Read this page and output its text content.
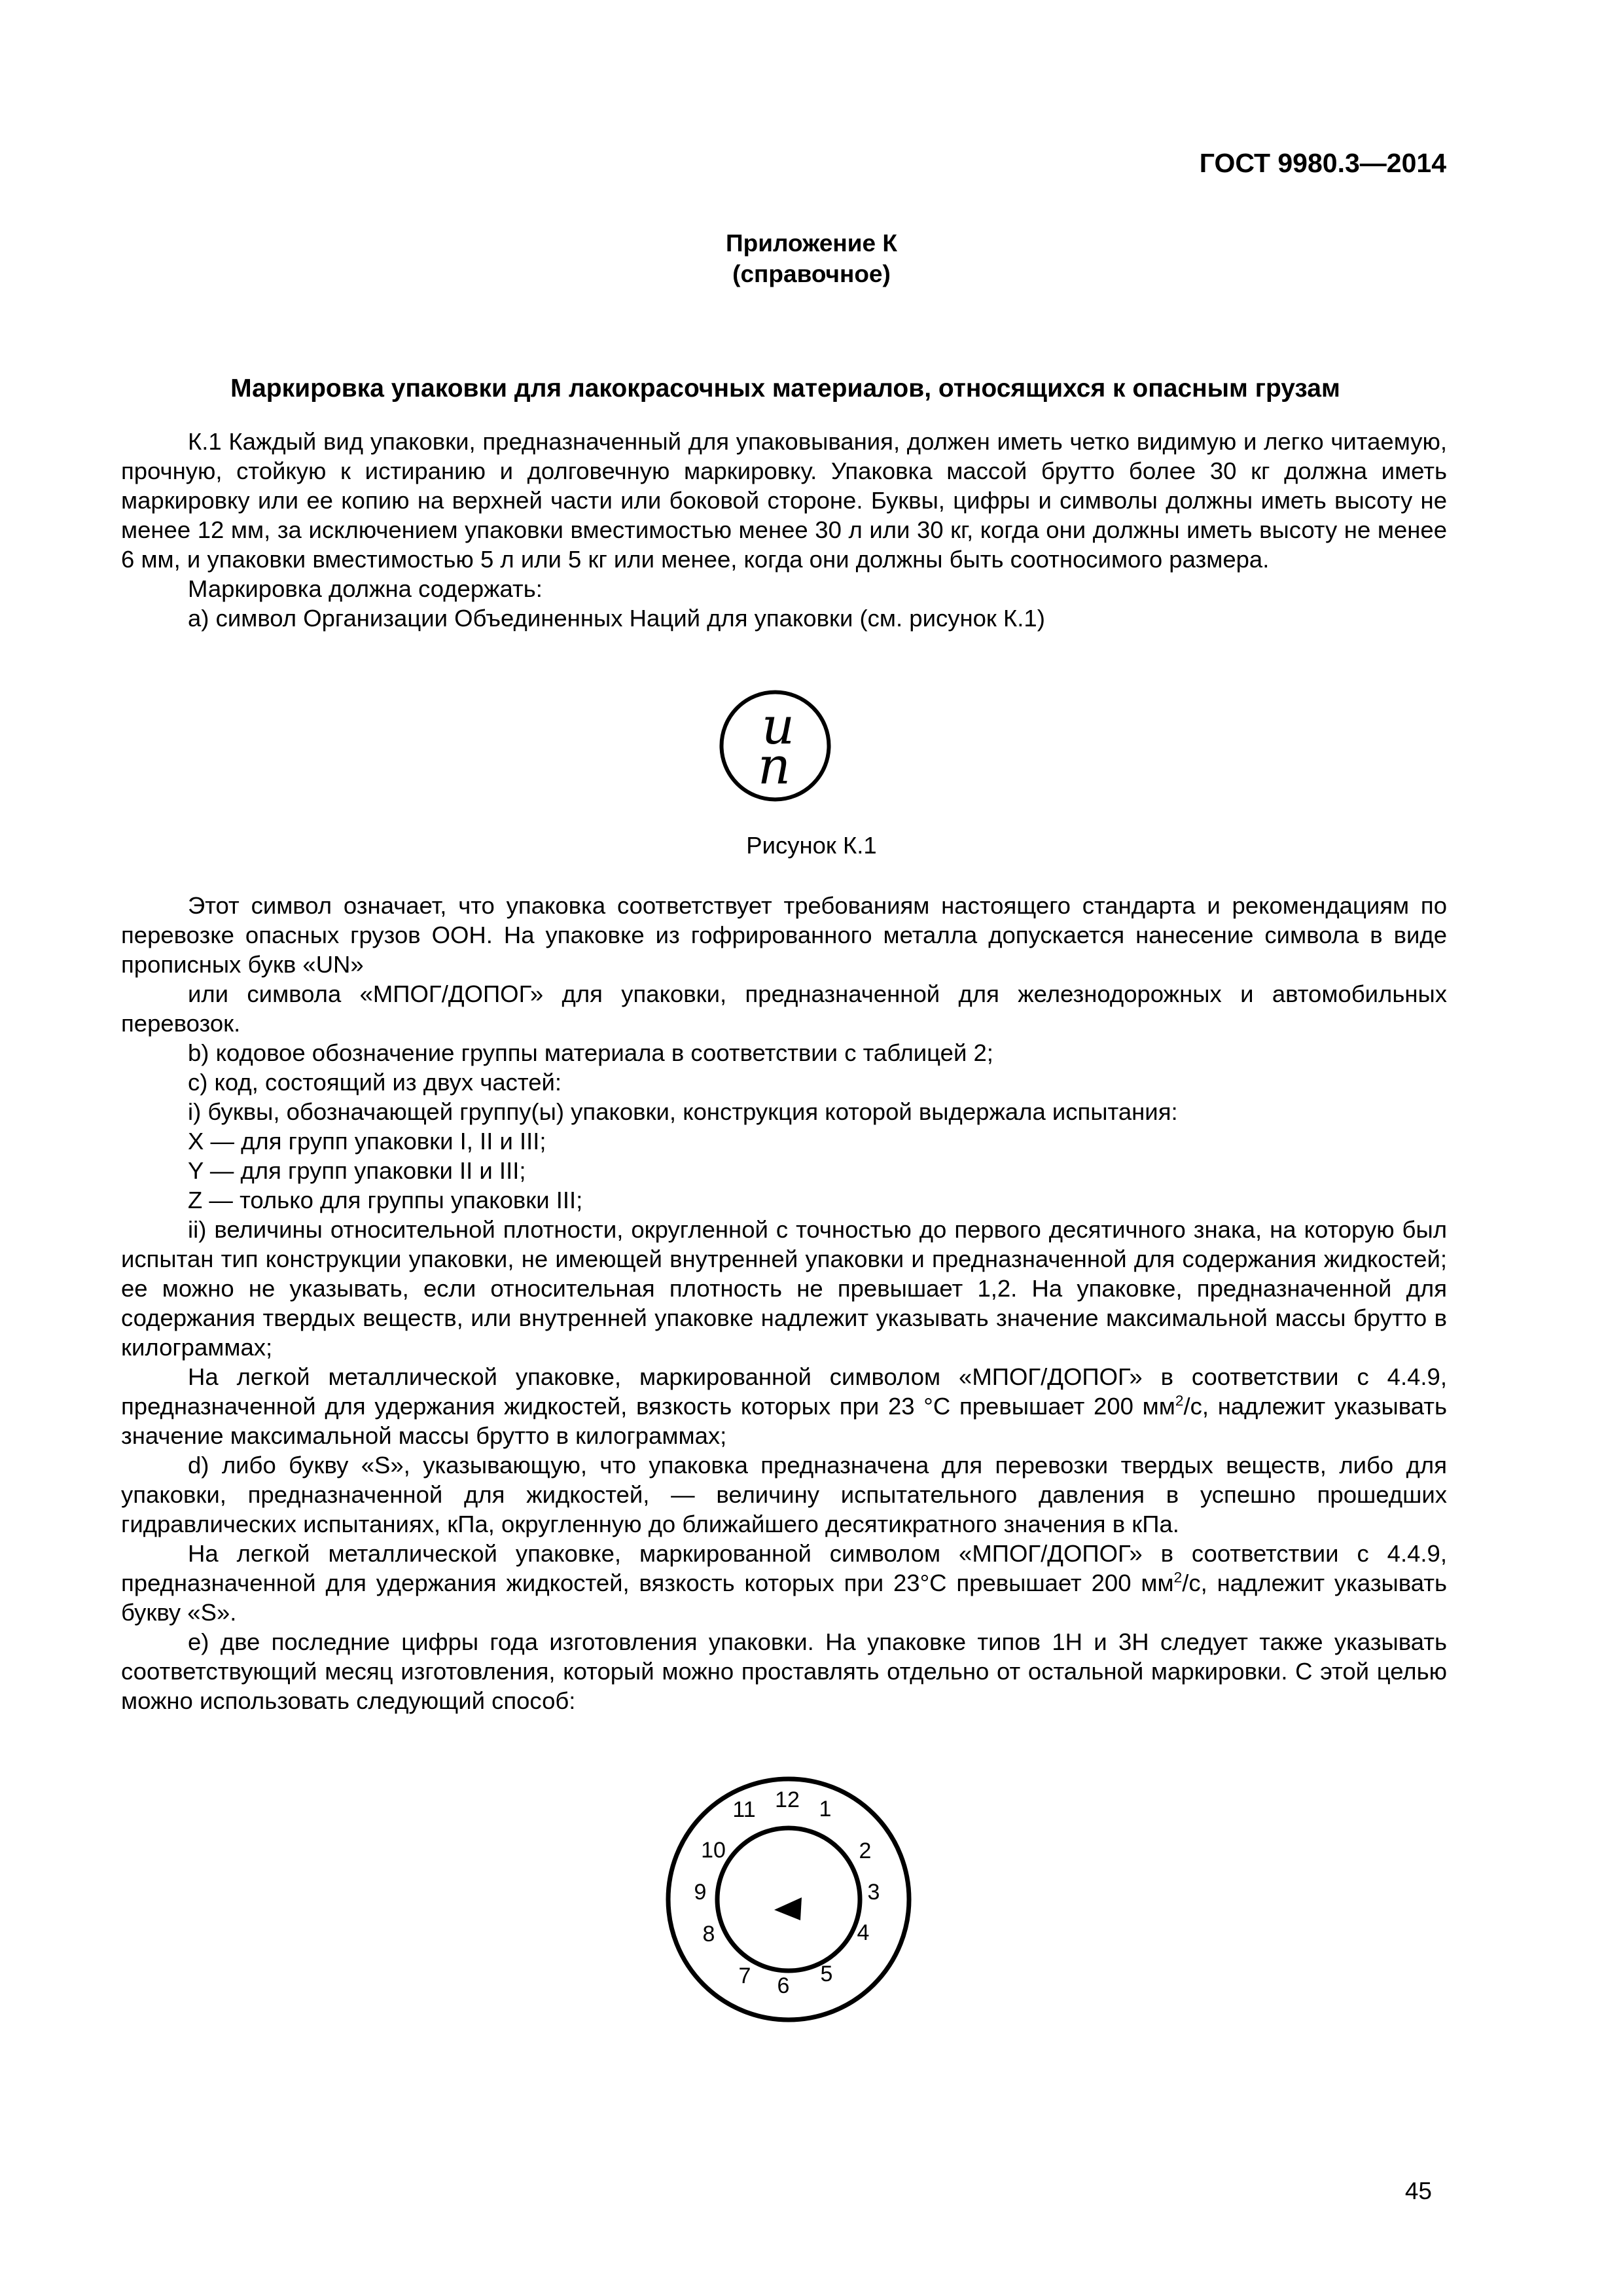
ГОСТ 9980.3—2014
Приложение К
(справочное)
Маркировка упаковки для лакокрасочных материалов, относящихся к опасным грузам

К.1 Каждый вид упаковки, предназначенный для упаковывания, должен иметь четко видимую и легко читаемую, прочную, стойкую к истиранию и долговечную маркировку. Упаковка массой брутто более 30 кг должна иметь маркировку или ее копию на верхней части или боковой стороне. Буквы, цифры и символы должны иметь высоту не менее 12 мм, за исключением упаковки вместимостью менее 30 л или 30 кг, когда они должны иметь высоту не менее 6 мм, и упаковки вместимостью 5 л или 5 кг или менее, когда они должны быть соотносимого размера.

Маркировка должна содержать:

a) символ Организации Объединенных Наций для упаковки (см. рисунок К.1)

u
n
Рисунок К.1

Этот символ означает, что упаковка соответствует требованиям настоящего стандарта и рекомендациям по перевозке опасных грузов ООН. На упаковке из гофрированного металла допускается нанесение символа в виде прописных букв «UN»

или символа «МПОГ/ДОПОГ» для упаковки, предназначенной для железнодорожных и автомобильных перевозок.

b) кодовое обозначение группы материала в соответствии с таблицей 2;

c) код, состоящий из двух частей:

i) буквы, обозначающей группу(ы) упаковки, конструкция которой выдержала испытания:

X — для групп упаковки I, II и III;

Y — для групп упаковки II и III;

Z — только для группы упаковки III;

ii) величины относительной плотности, округленной с точностью до первого десятичного знака, на которую был испытан тип конструкции упаковки, не имеющей внутренней упаковки и предназначенной для содержания жидкостей; ее можно не указывать, если относительная плотность не превышает 1,2. На упаковке, предназначенной для содержания твердых веществ, или внутренней упаковке надлежит указывать значение максимальной массы брутто в килограммах;

На легкой металлической упаковке, маркированной символом «МПОГ/ДОПОГ» в соответствии с 4.4.9, предназначенной для удержания жидкостей, вязкость которых при 23 °C превышает 200 $мм^2/с$, надлежит указывать значение максимальной массы брутто в килограммах;

d) либо букву «S», указывающую, что упаковка предназначена для перевозки твердых веществ, либо для упаковки, предназначенной для жидкостей, — величину испытательного давления в успешно прошедших гидравлических испытаниях, кПа, округленную до ближайшего десятикратного значения в кПа.

На легкой металлической упаковке, маркированной символом «МПОГ/ДОПОГ» в соответствии с 4.4.9, предназначенной для удержания жидкостей, вязкость которых при 23°C превышает 200 $мм^2/с$, надлежит указывать букву «S».

e) две последние цифры года изготовления упаковки. На упаковке типов 1H и 3H следует также указывать соответствующий месяц изготовления, который можно проставлять отдельно от остальной маркировки. С этой целью можно использовать следующий способ:

12 1
2
3
4
5
6
7
8
9
10
11
45
